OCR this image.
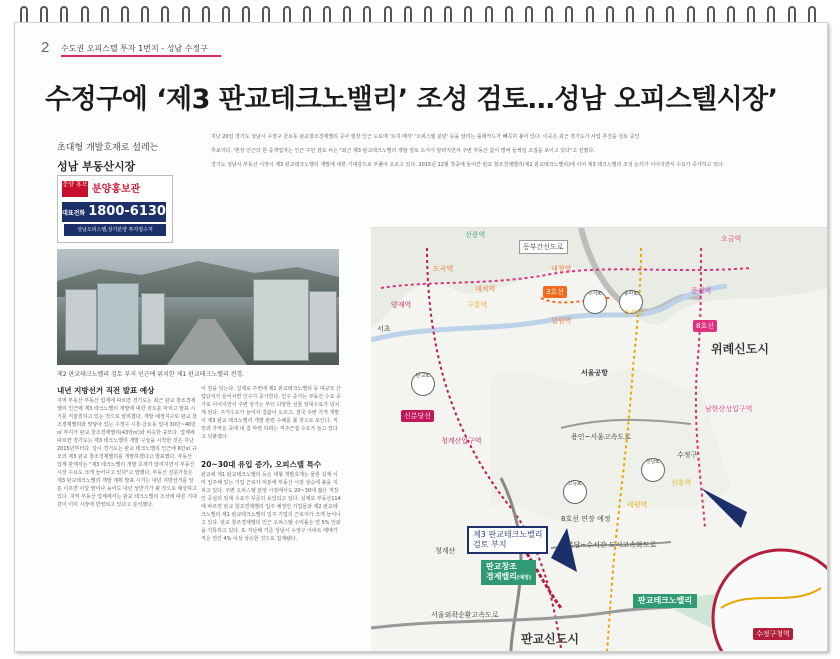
2 수도권 오피스텔 투자 1번지 - 성남 수정구
수정구에 ‘제3 판교테크노밸리’ 조성 검토…성남 오피스텔시장’
초대형 개발호재로 설레는
성남 부동산시장
지난 20일 경기도 성남시 수정구 금토동 판교창조경제밸리 공사 현장 인근 도로에 '토지 매각' '오피스텔 분양' 등을 알리는 플래카드가 빼곡히 붙어 있다. 이곳은 최근 경기도가 사업 추진을 검토 중인
후보지다. '현장 인근의 한 중개업자는 인근 주민 검토 씨는 "최근 제3 판교테크노밸리 개발 검토 소식이 알려지면서 주변 부동산 값이 벌써 들썩일 조짐을 보이고 있다"고 전했다.
경기도 성남시 부동산 시장이 제3 판교테크노밸리 개발에 대한 기대감으로 부풀어 오르고 있다. 2015년 12월 착공에 들어간 판교 창조경제밸리(제2 판교테크노밸리)에 이어 제3 테크노밸리 조성 논의가 이어지면서 수요가 증가하고 있다.
분양 홍보 분양홍보관
대표전화 1800-6130
성남오피스텔,상가분양 투자접수처
제2 판교테크노밸리 검토 부지 인근에 위치한 제1 판교테크노밸리 전경.
내년 지방선거 직전 발표 예상
지역 부동산 부동산 업계에 따르면 경기도는 최근 판교 창조경제밸리 인근에 제3 테크노밸리 개발에 대한 검토를 마치고 발표 시기를 저울질하고 있는 것으로 알려졌다. 개발 예정지구로 판교 창조경제밸리와 맞닿아 있는 수정구 시흥·금토동 일대 30만~40만㎡ 부지가 판교 창조경제밸리(43만㎡)와 비슷한 규모다. 업계에 따르면 경기도는 제3 테크노밸리 개발 구상을 시작한 것은 지난 2015년부터다. 당시 경기도는 판교 테크노밸리 인근에 6만㎡ 규모의 제3 판교 창조경제밸리를 개발하겠다고 발표했다. 부동산 업계 관계자는 "제3 테크노밸리 개발 호재가 알려지면서 부동산 시장 수요도 크게 늘어나고 있다"고 말했다. 부동산 전문가들은 제3 판교테크노밸리 개발 계획 발표 시기는 내년 지방선거를 앞둔 이르면 이달 말이나 늦어도 내년 상반기가 될 것으로 예상하고 있다. 지역 부동산 업계에서는 판교 테크노밸리 조성에 따른 기대감이 이미 시장에 반영되고 있다고 분석했다.
이 원을 잇는다. 실제로 주변에 제1 판교테크노밸리 등 대규모 산업단지가 들어서면 인구가 증가한다. 인구 증가는 부동산 수요 증가로 이어지면서 주변 상가는 부터 다양한 선물 임대수요가 넘치게 된다. 주거수요가 늘어서 집값이 오르고, 결국 주변 가격 개발이 제3 판교 테크노밸리 개발 관련 수혜를 볼 것으로 보인다. 직장과 가까운 곳에 내 집 마련 하려는 직주근접 수요가 늘고 있다고 덧붙였다.
20~30대 유입 증가, 오피스텔 특수
판교에 제1 판교테크노밸리 등은 대형 개발호재는 물론 실제 이미 입주해 있는 기업 근로자 덕분에 부동산 시장 상승에 불을 지피고 있다. 주변 오피스텔 분양 시장에서도 20~30대 젊은 직장인 중심의 임대 수요가 꾸준히 유입되고 있다. 실제로 부동산114에 따르면 판교 창조경제밸리 입주 예정인 기업들과 제2 판교테크노밸리 제1 판교테크노밸리 입주 기업의 근로자가 크게 늘어나고 있다. 판교 창조경제밸리 인근 오피스텔 수익률은 연 5% 안팎을 기록하고 있다. 또 지난해 기준 성남시 수정구 아파트 매매가격은 연간 4% 이상 상승한 것으로 집계됐다.
동부간선도로
3호선
8호선
위례신도시
서초
신분당선
청계산입구역	용인~서울고속도로
서울공항
수정구
8호선 연장 예정
분당~수서간 도시고속화도로
제3 판교테크노밸리
검토 부지
청계산
판교창조
경제밸리(예정)
판교테크노밸리
서울외곽순환고속도로
판교신도시	수정구청역
수서IC
판교IC
고등IC
송파IC
성남IC
선릉역
도곡역
대치역
대청역
일원역
수서역
구룡역
양재역
남한산성입구역
신흥역
태평역
오금역
문정역
